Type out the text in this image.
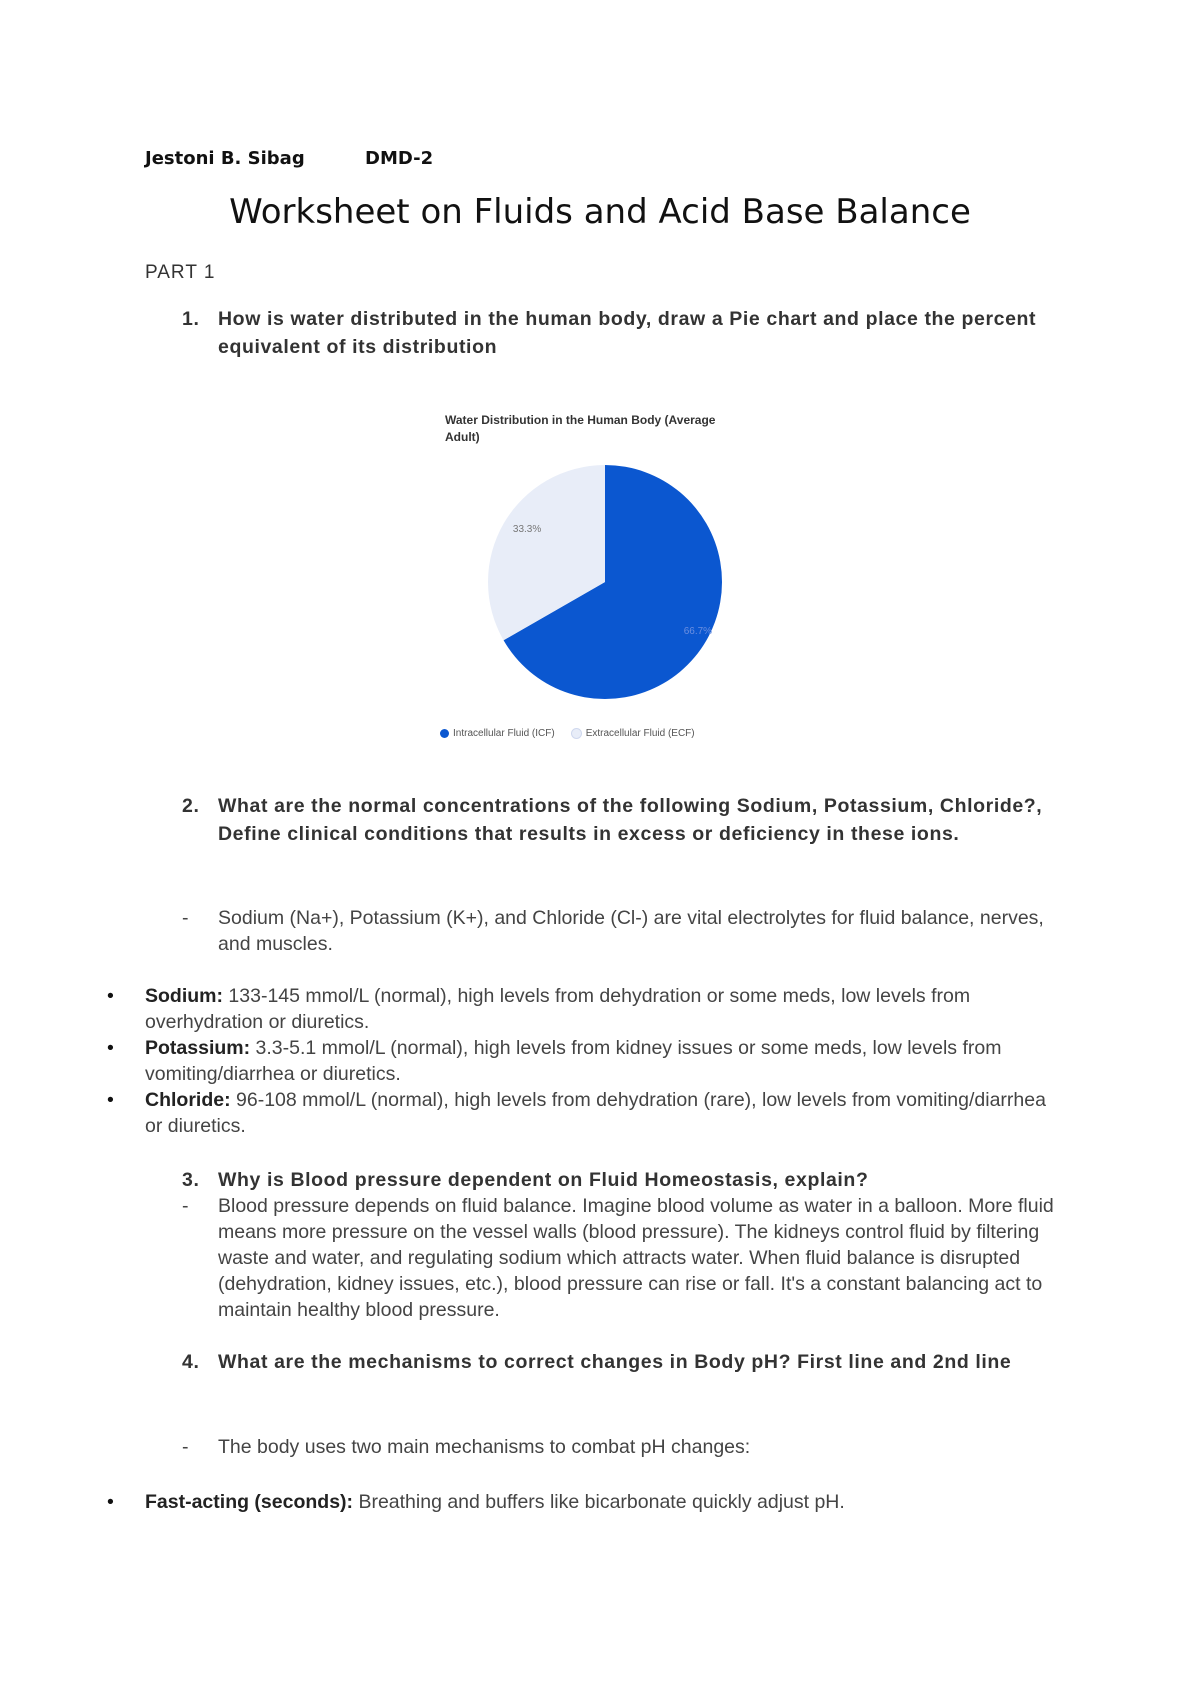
Jestoni B. Sibag	DMD-2
Worksheet on Fluids and Acid Base Balance
PART 1
1. How is water distributed in the human body, draw a Pie chart and place the percent equivalent of its distribution
Water Distribution in the Human Body (Average Adult)
66.7%
33.3%
Intracellular Fluid (ICF)	Extracellular Fluid (ECF)
2. What are the normal concentrations of the following Sodium, Potassium, Chloride?, Define clinical conditions that results in excess or deficiency in these ions.
- Sodium (Na+), Potassium (K+), and Chloride (Cl-) are vital electrolytes for fluid balance, nerves, and muscles.
• Sodium: 133-145 mmol/L (normal), high levels from dehydration or some meds, low levels from overhydration or diuretics.
• Potassium: 3.3-5.1 mmol/L (normal), high levels from kidney issues or some meds, low levels from vomiting/diarrhea or diuretics.
• Chloride: 96-108 mmol/L (normal), high levels from dehydration (rare), low levels from vomiting/diarrhea or diuretics.
3. Why is Blood pressure dependent on Fluid Homeostasis, explain?
- Blood pressure depends on fluid balance. Imagine blood volume as water in a balloon. More fluid means more pressure on the vessel walls (blood pressure). The kidneys control fluid by filtering waste and water, and regulating sodium which attracts water. When fluid balance is disrupted (dehydration, kidney issues, etc.), blood pressure can rise or fall. It's a constant balancing act to maintain healthy blood pressure.
4. What are the mechanisms to correct changes in Body pH? First line and 2nd line
- The body uses two main mechanisms to combat pH changes:
• Fast-acting (seconds): Breathing and buffers like bicarbonate quickly adjust pH.
